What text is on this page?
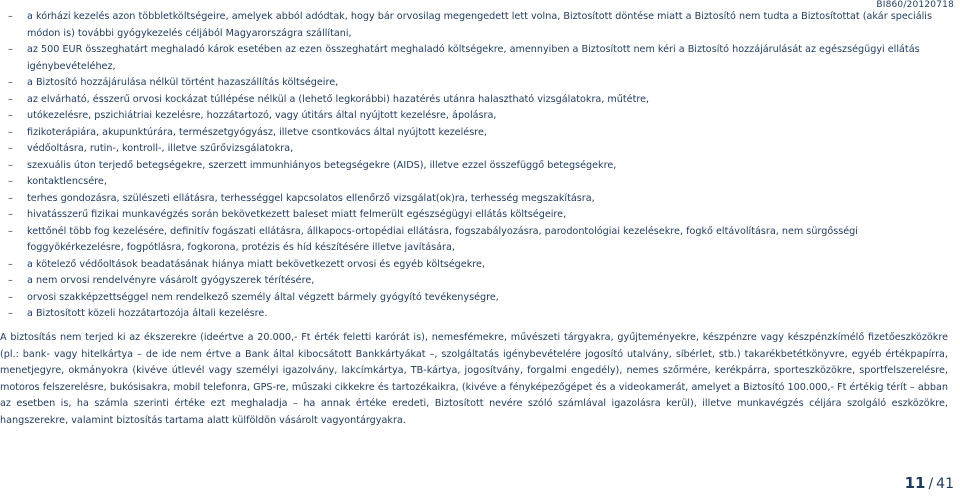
BI860/20120718
– a kórházi kezelés azon többletköltségeire, amelyek abból adódtak, hogy bár orvosilag megengedett lett volna, Biztosított döntése miatt a Biztosító nem tudta a Biztosítottat (akár speciális módon is) további gyógykezelés céljából Magyarországra szállítani,
– az 500 EUR összeghatárt meghaladó károk esetében az ezen összeghatárt meghaladó költségekre, amennyiben a Biztosított nem kéri a Biztosító hozzájárulását az egészségügyi ellátás igénybevételéhez,
– a Biztosító hozzájárulása nélkül történt hazaszállítás költségeire,
– az elvárható, ésszerű orvosi kockázat túllépése nélkül a (lehető legkorábbi) hazatérés utánra halasztható vizsgálatokra, műtétre,
– utókezelésre, pszichiátriai kezelésre, hozzátartozó, vagy útitárs által nyújtott kezelésre, ápolásra,
– fizikoterápiára, akupunktúrára, természetgyógyász, illetve csontkovács által nyújtott kezelésre,
– védőoltásra, rutin-, kontroll-, illetve szűrővizsgálatokra,
– szexuális úton terjedő betegségekre, szerzett immunhiányos betegségekre (AIDS), illetve ezzel összefüggő betegségekre,
– kontaktlencsére,
– terhes gondozásra, szülészeti ellátásra, terhességgel kapcsolatos ellenőrző vizsgálat(ok)ra, terhesség megszakításra,
– hivatásszerű fizikai munkavégzés során bekövetkezett baleset miatt felmerült egészségügyi ellátás költségeire,
– kettőnél több fog kezelésére, definitív fogászati ellátásra, állkapocs-ortopédiai ellátásra, fogszabályozásra, parodontológiai kezelésekre, fogkő eltávolításra, nem sürgősségi foggyökérkezelésre, fogpótlásra, fogkorona, protézis és híd készítésére illetve javítására,
– a kötelező védőoltások beadatásának hiánya miatt bekövetkezett orvosi és egyéb költségekre,
– a nem orvosi rendelvényre vásárolt gyógyszerek térítésére,
– orvosi szakképzettséggel nem rendelkező személy által végzett bármely gyógyító tevékenységre,
– a Biztosított közeli hozzátartozója általi kezelésre.
A biztosítás nem terjed ki az ékszerekre (ideértve a 20.000,- Ft érték feletti karórát is), nemesfémekre, művészeti tárgyakra, gyűjteményekre, készpénzre vagy készpénzkímélő fizetőeszközökre (pl.: bank- vagy hitelkártya – de ide nem értve a Bank által kibocsátott Bankkártyákat –, szolgáltatás igénybevételére jogosító utalvány, síbérlet, stb.) takarékbetétkönyvre, egyéb értékpapírra, menetjegyre, okmányokra (kivéve útlevél vagy személyi igazolvány, lakcímkártya, TB-kártya, jogosítvány, forgalmi engedély), nemes szőrmére, kerékpárra, sporteszközökre, sportfelszerelésre, motoros felszerelésre, bukósisakra, mobil telefonra, GPS-re, műszaki cikkekre és tartozékaikra, (kivéve a fényképezőgépet és a videokamerát, amelyet a Biztosító 100.000,- Ft értékig térít – abban az esetben is, ha számla szerinti értéke ezt meghaladja – ha annak értéke eredeti, Biztosított nevére szóló számlával igazolásra kerül), illetve munkavégzés céljára szolgáló eszközökre, hangszerekre, valamint biztosítás tartama alatt külföldön vásárolt vagyontárgyakra.
11 / 41
